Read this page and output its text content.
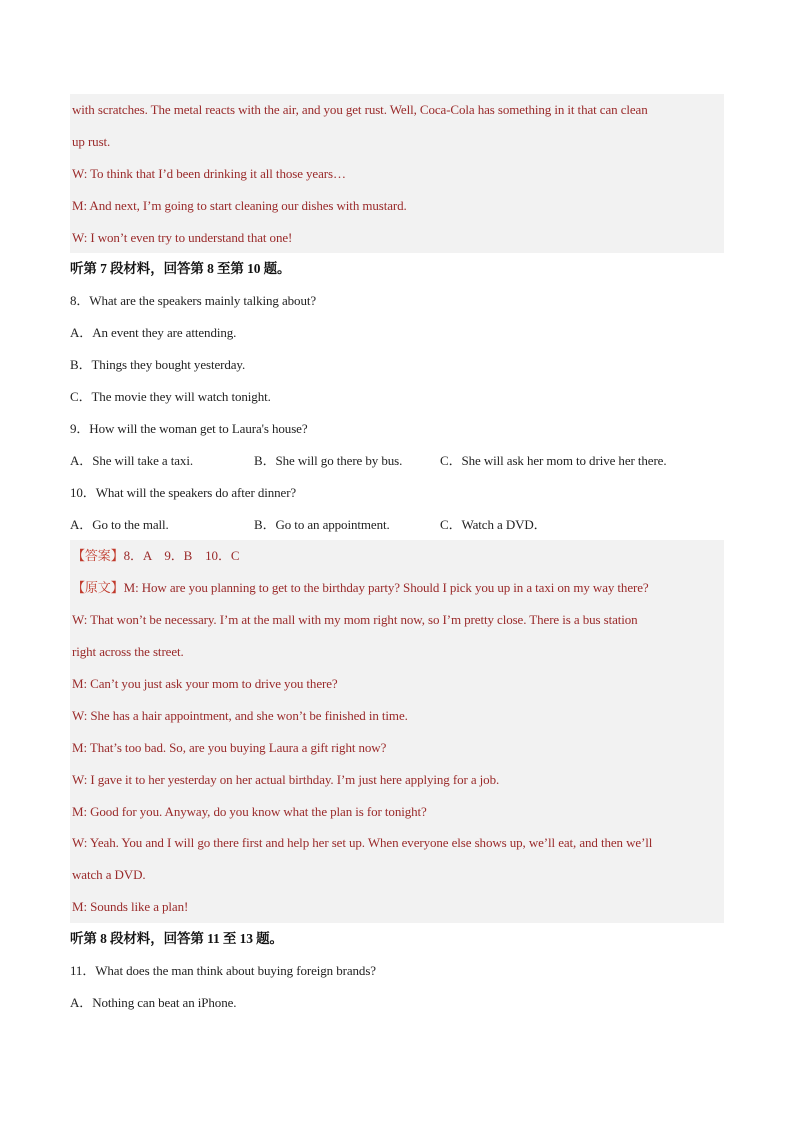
with scratches. The metal reacts with the air, and you get rust. Well, Coca-Cola has something in it that can clean
up rust.
W: To think that I’d been drinking it all those years…
M: And next, I’m going to start cleaning our dishes with mustard.
W: I won’t even try to understand that one!
听第 7 段材料，回答第 8 至第 10 题。
8．What are the speakers mainly talking about?
A．An event they are attending.
B．Things they bought yesterday.
C．The movie they will watch tonight.
9．How will the woman get to Laura's house?
A．She will take a taxi.	B．She will go there by bus.	C．She will ask her mom to drive her there.
10．What will the speakers do after dinner?
A．Go to the mall.	B．Go to an appointment.	C．Watch a DVD．
【答案】8．A　9．B　10．C
【原文】M: How are you planning to get to the birthday party? Should I pick you up in a taxi on my way there?
W: That won’t be necessary. I’m at the mall with my mom right now, so I’m pretty close. There is a bus station
right across the street.
M: Can’t you just ask your mom to drive you there?
W: She has a hair appointment, and she won’t be finished in time.
M: That’s too bad. So, are you buying Laura a gift right now?
W: I gave it to her yesterday on her actual birthday. I’m just here applying for a job.
M: Good for you. Anyway, do you know what the plan is for tonight?
W: Yeah. You and I will go there first and help her set up. When everyone else shows up, we’ll eat, and then we’ll
watch a DVD.
M: Sounds like a plan!
听第 8 段材料，回答第 11 至 13 题。
11．What does the man think about buying foreign brands?
A．Nothing can beat an iPhone.
